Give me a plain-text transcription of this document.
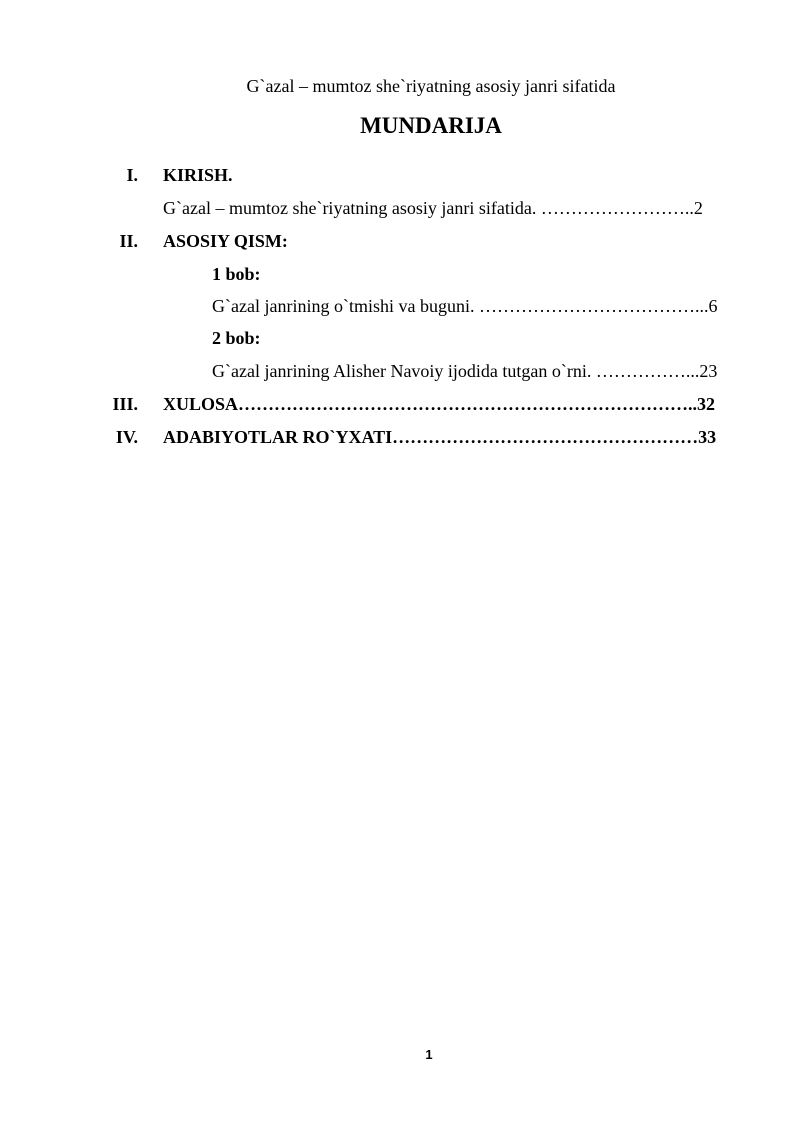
G`azal – mumtoz she`riyatning asosiy janri sifatida
MUNDARIJA
I. KIRISH.
G`azal – mumtoz she`riyatning asosiy janri sifatida. ……………………..2
II. ASOSIY QISM:
1 bob:
G`azal janrining o`tmishi va buguni. ………………………………...6
2 bob:
G`azal janrining Alisher Navoiy ijodida tutgan o`rni. ……………...23
III. XULOSA…………………………………………………………………..32
IV. ADABIYOTLAR RO`YXATI……………………………………………33
1
